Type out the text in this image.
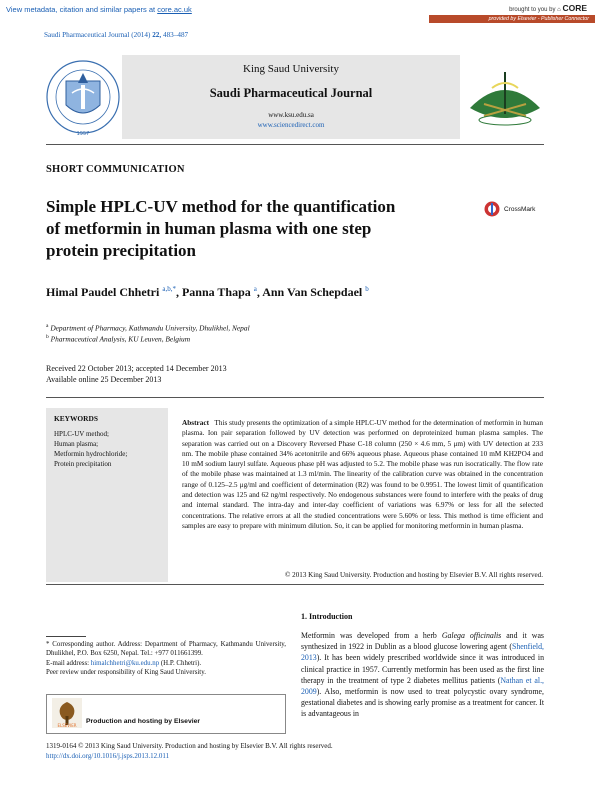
View metadata, citation and similar papers at core.ac.uk	brought to you by ⌂ CORE
provided by Elsevier - Publisher Connector
Saudi Pharmaceutical Journal (2014) 22, 483–487
1957
King Saud University
Saudi Pharmaceutical Journal
www.ksu.edu.sa
www.sciencedirect.com
SHORT COMMUNICATION
Simple HPLC-UV method for the quantification
of metformin in human plasma with one step
protein precipitation
CrossMark
Himal Paudel Chhetri $^{a,b,*}$, Panna Thapa $^a$, Ann Van Schepdael $^b$
$^a$ Department of Pharmacy, Kathmandu University, Dhulikhel, Nepal
$^b$ Pharmaceutical Analysis, KU Leuven, Belgium
Received 22 October 2013; accepted 14 December 2013
Available online 25 December 2013
KEYWORDS
HPLC-UV method;
Human plasma;
Metformin hydrochloride;
Protein precipitation
Abstract This study presents the optimization of a simple HPLC-UV method for the determination of metformin in human plasma. Ion pair separation followed by UV detection was performed on deproteinized human plasma samples. The separation was carried out on a Discovery Reversed Phase C-18 column (250 × 4.6 mm, 5 μm) with UV detection at 233 nm. The mobile phase contained 34% acetonitrile and 66% aqueous phase. Aqueous phase contained 10 mM KH2PO4 and 10 mM sodium lauryl sulfate. Aqueous phase pH was adjusted to 5.2. The mobile phase was run isocratically. The flow rate of the mobile phase was maintained at 1.3 ml/min. The linearity of the calibration curve was obtained in the concentration range of 0.125–2.5 μg/ml and coefficient of determination (R2) was found to be 0.9951. The lowest limit of quantification and detection was 125 and 62 ng/ml respectively. No endogenous substances were found to interfere with the peaks of drug and internal standard. The intra-day and inter-day coefficient of variations was 6.97% or less for all the selected concentrations. The relative errors at all the studied concentrations were 5.60% or less. This method is time efficient and samples are easy to prepare with minimum dilution. So, it can be applied for monitoring metformin in human plasma.
© 2013 King Saud University. Production and hosting by Elsevier B.V. All rights reserved.
1. Introduction
Metformin was developed from a herb Galega officinalis and it was synthesized in 1922 in Dublin as a blood glucose lowering agent (Shenfield, 2013). It has been widely prescribed worldwide since it was introduced in clinical practice in 1957. Currently metformin has been used as the first line therapy in the treatment of type 2 diabetes mellitus patients (Nathan et al., 2009). Also, metformin is now used to treat polycystic ovary syndrome, gestational diabetes and is showing early promise as a treatment for cancer. It is advantageous in
* Corresponding author. Address: Department of Pharmacy, Kathmandu University, Dhulikhel, P.O. Box 6250, Nepal. Tel.: +977 011661399.
E-mail address: himalchhetri@ku.edu.np (H.P. Chhetri).
Peer review under responsibility of King Saud University.
ELSEVIER
Production and hosting by Elsevier
1319-0164 © 2013 King Saud University. Production and hosting by Elsevier B.V. All rights reserved.
http://dx.doi.org/10.1016/j.jsps.2013.12.011
